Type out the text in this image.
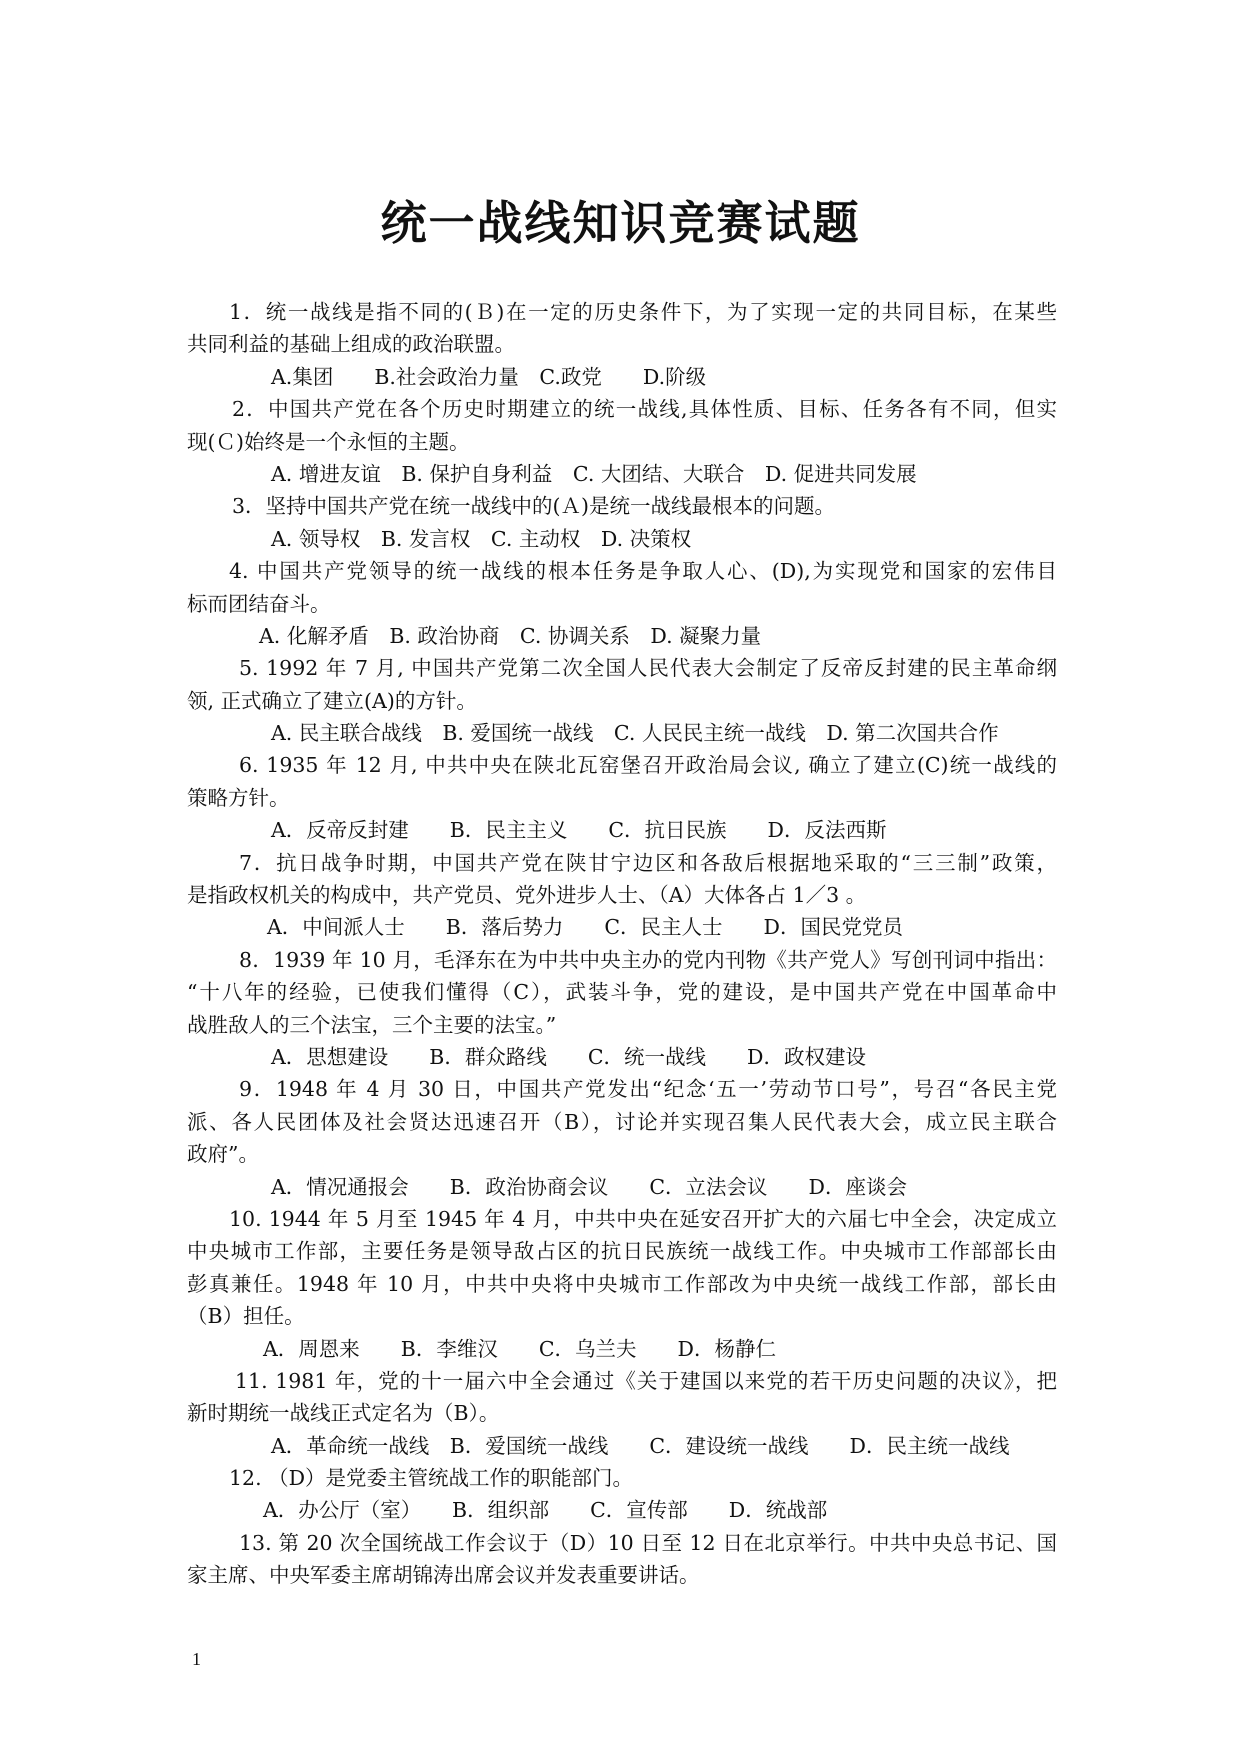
统一战线知识竞赛试题
1．统一战线是指不同的(Ｂ)在一定的历史条件下，为了实现一定的共同目标，在某些
共同利益的基础上组成的政治联盟。
A.集团　　B.社会政治力量　C.政党　　D.阶级
2．中国共产党在各个历史时期建立的统一战线,具体性质、目标、任务各有不同，但实
现(Ｃ)始终是一个永恒的主题。
A. 增进友谊　B. 保护自身利益　C. 大团结、大联合　D. 促进共同发展
3．坚持中国共产党在统一战线中的(Ａ)是统一战线最根本的问题。
A. 领导权　B. 发言权　C. 主动权　D. 决策权
4. 中国共产党领导的统一战线的根本任务是争取人心、(D),为实现党和国家的宏伟目
标而团结奋斗。
A. 化解矛盾　B. 政治协商　C. 协调关系　D. 凝聚力量
5. 1992 年 7 月, 中国共产党第二次全国人民代表大会制定了反帝反封建的民主革命纲
领, 正式确立了建立(A)的方针。
A. 民主联合战线　B. 爱国统一战线　C. 人民民主统一战线　D. 第二次国共合作
6. 1935 年 12 月, 中共中央在陕北瓦窑堡召开政治局会议, 确立了建立(C)统一战线的
策略方针。
A．反帝反封建　　B．民主主义　　C．抗日民族　　D．反法西斯
7．抗日战争时期，中国共产党在陕甘宁边区和各敌后根据地采取的“三三制”政策，
是指政权机关的构成中，共产党员、党外进步人士、（A）大体各占 1／3 。
A．中间派人士　　B．落后势力　　C．民主人士　　D．国民党党员
8．1939 年 10 月，毛泽东在为中共中央主办的党内刊物《共产党人》写创刊词中指出：
“十八年的经验，已使我们懂得（C），武装斗争，党的建设，是中国共产党在中国革命中
战胜敌人的三个法宝，三个主要的法宝。”
A．思想建设　　B．群众路线　　C．统一战线　　D．政权建设
9．1948 年 4 月 30 日，中国共产党发出“纪念‘五一’劳动节口号”，号召“各民主党
派、各人民团体及社会贤达迅速召开（B），讨论并实现召集人民代表大会，成立民主联合
政府”。
A．情况通报会　　B．政治协商会议　　C．立法会议　　D．座谈会
10. 1944 年 5 月至 1945 年 4 月，中共中央在延安召开扩大的六届七中全会，决定成立
中央城市工作部，主要任务是领导敌占区的抗日民族统一战线工作。中央城市工作部部长由
彭真兼任。1948 年 10 月，中共中央将中央城市工作部改为中央统一战线工作部，部长由
（B）担任。
A．周恩来　　B．李维汉　　C．乌兰夫　　D．杨静仁
11. 1981 年，党的十一届六中全会通过《关于建国以来党的若干历史问题的决议》，把
新时期统一战线正式定名为（B）。
A．革命统一战线　B．爱国统一战线　　C．建设统一战线　　D．民主统一战线
12. （D）是党委主管统战工作的职能部门。
A．办公厅（室）　　B．组织部　　C．宣传部　　D．统战部
13. 第 20 次全国统战工作会议于（D）10 日至 12 日在北京举行。中共中央总书记、国
家主席、中央军委主席胡锦涛出席会议并发表重要讲话。
1
